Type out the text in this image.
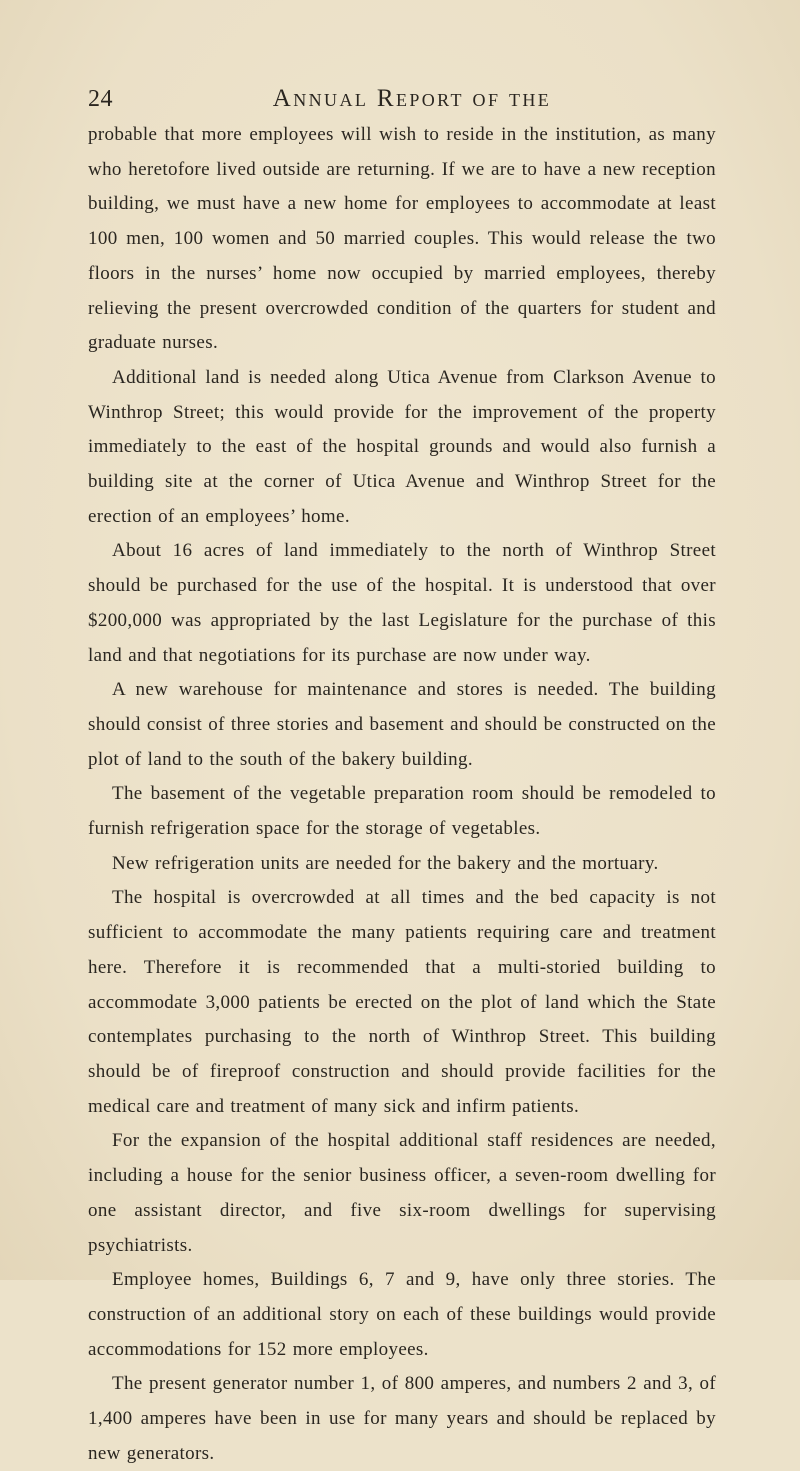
24	Annual Report of the

probable that more employees will wish to reside in the institution, as many who heretofore lived outside are returning. If we are to have a new reception building, we must have a new home for employees to accommodate at least 100 men, 100 women and 50 married couples. This would release the two floors in the nurses’ home now occupied by married employees, thereby relieving the present overcrowded condition of the quarters for student and graduate nurses.

Additional land is needed along Utica Avenue from Clarkson Avenue to Winthrop Street; this would provide for the improvement of the property immediately to the east of the hospital grounds and would also furnish a building site at the corner of Utica Avenue and Winthrop Street for the erection of an employees’ home.

About 16 acres of land immediately to the north of Winthrop Street should be purchased for the use of the hospital. It is understood that over $200,000 was appropriated by the last Legislature for the purchase of this land and that negotiations for its purchase are now under way.

A new warehouse for maintenance and stores is needed. The building should consist of three stories and basement and should be constructed on the plot of land to the south of the bakery building.

The basement of the vegetable preparation room should be remodeled to furnish refrigeration space for the storage of vegetables.

New refrigeration units are needed for the bakery and the mortuary.

The hospital is overcrowded at all times and the bed capacity is not sufficient to accommodate the many patients requiring care and treatment here. Therefore it is recommended that a multi-storied building to accommodate 3,000 patients be erected on the plot of land which the State contemplates purchasing to the north of Winthrop Street. This building should be of fireproof construction and should provide facilities for the medical care and treatment of many sick and infirm patients.

For the expansion of the hospital additional staff residences are needed, including a house for the senior business officer, a seven-room dwelling for one assistant director, and five six-room dwellings for supervising psychiatrists.

Employee homes, Buildings 6, 7 and 9, have only three stories. The construction of an additional story on each of these buildings would provide accommodations for 152 more employees.

The present generator number 1, of 800 amperes, and numbers 2 and 3, of 1,400 amperes have been in use for many years and should be replaced by new generators.
